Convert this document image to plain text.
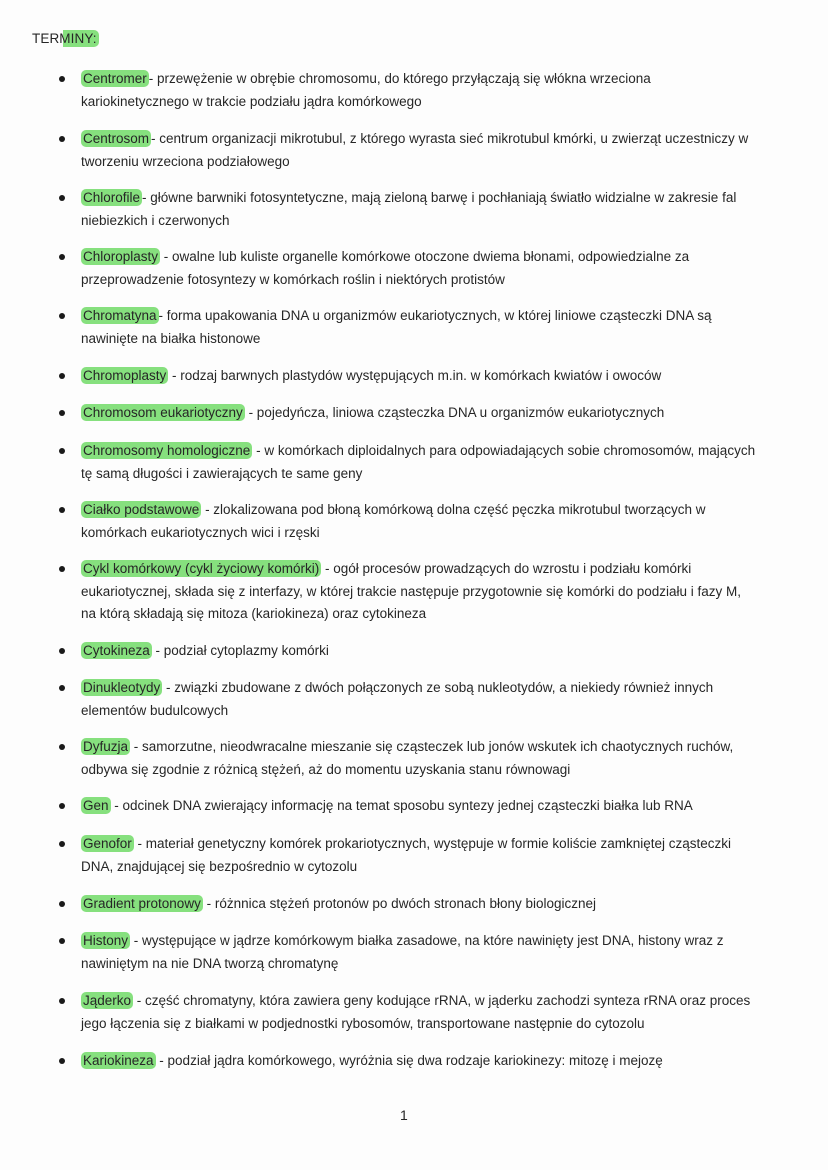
TERMINY:
Centromer - przewężenie w obrębie chromosomu, do którego przyłączają się włókna wrzeciona
kariokinetycznego w trakcie podziału jądra komórkowego
Centrosom - centrum organizacji mikrotubul, z którego wyrasta sieć mikrotubul kmórki, u zwierząt uczestniczy w
tworzeniu wrzeciona podziałowego
Chlorofile - główne barwniki fotosyntetyczne, mają zieloną barwę i pochłaniają światło widzialne w zakresie fal
niebiezkich i czerwonych
Chloroplasty - owalne lub kuliste organelle komórkowe otoczone dwiema błonami, odpowiedzialne za
przeprowadzenie fotosyntezy w komórkach roślin i niektórych protistów
Chromatyna - forma upakowania DNA u organizmów eukariotycznych, w której liniowe cząsteczki DNA są
nawinięte na białka histonowe
Chromoplasty - rodzaj barwnych plastydów występujących m.in. w komórkach kwiatów i owoców
Chromosom eukariotyczny - pojedyńcza, liniowa cząsteczka DNA u organizmów eukariotycznych
Chromosomy homologiczne - w komórkach diploidalnych para odpowiadających sobie chromosomów, mających
tę samą długości i zawierających te same geny
Ciałko podstawowe - zlokalizowana pod błoną komórkową dolna część pęczka mikrotubul tworzących w
komórkach eukariotycznych wici i rzęski
Cykl komórkowy (cykl życiowy komórki) - ogół procesów prowadzących do wzrostu i podziału komórki
eukariotycznej, składa się z interfazy, w której trakcie następuje przygotownie się komórki do podziału i fazy M,
na którą składają się mitoza (kariokineza) oraz cytokineza
Cytokineza - podział cytoplazmy komórki
Dinukleotydy - związki zbudowane z dwóch połączonych ze sobą nukleotydów, a niekiedy również innych
elementów budulcowych
Dyfuzja - samorzutne, nieodwracalne mieszanie się cząsteczek lub jonów wskutek ich chaotycznych ruchów,
odbywa się zgodnie z różnicą stężeń, aż do momentu uzyskania stanu równowagi
Gen - odcinek DNA zwierający informację na temat sposobu syntezy jednej cząsteczki białka lub RNA
Genofor - materiał genetyczny komórek prokariotycznych, występuje w formie koliście zamkniętej cząsteczki
DNA, znajdującej się bezpośrednio w cytozolu
Gradient protonowy - różnnica stężeń protonów po dwóch stronach błony biologicznej
Histony - występujące w jądrze komórkowym białka zasadowe, na które nawinięty jest DNA, histony wraz z
nawiniętym na nie DNA tworzą chromatynę
Jąderko - część chromatyny, która zawiera geny kodujące rRNA, w jąderku zachodzi synteza rRNA oraz proces
jego łączenia się z białkami w podjednostki rybosomów, transportowane następnie do cytozolu
Kariokineza - podział jądra komórkowego, wyróżnia się dwa rodzaje kariokinezy: mitozę i mejozę
1
